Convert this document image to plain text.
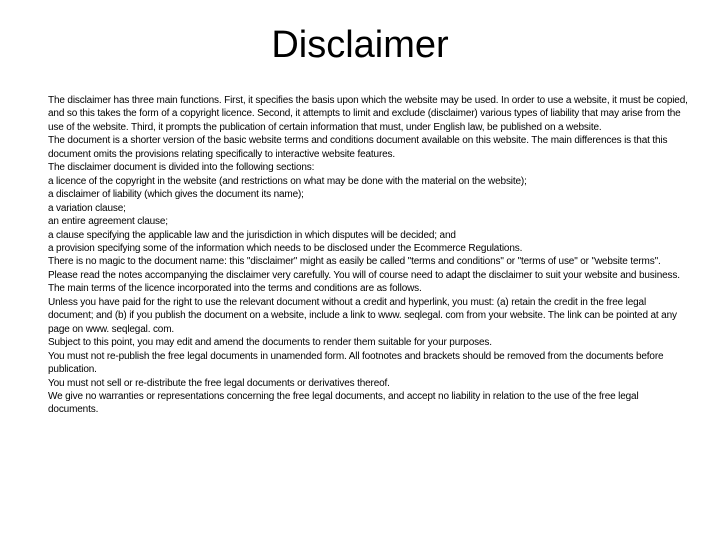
Disclaimer

The disclaimer has three main functions. First, it specifies the basis upon which the website may be used. In order to use a website, it must be copied, and so this takes the form of a copyright licence. Second, it attempts to limit and exclude (disclaimer) various types of liability that may arise from the use of the website. Third, it prompts the publication of certain information that must, under English law, be published on a website.

The document is a shorter version of the basic website terms and conditions document available on this website. The main differences is that this document omits the provisions relating specifically to interactive website features.

The disclaimer document is divided into the following sections:

a licence of the copyright in the website (and restrictions on what may be done with the material on the website);

a disclaimer of liability (which gives the document its name);

a variation clause;

an entire agreement clause;

a clause specifying the applicable law and the jurisdiction in which disputes will be decided; and

a provision specifying some of the information which needs to be disclosed under the Ecommerce Regulations.

There is no magic to the document name: this "disclaimer" might as easily be called "terms and conditions" or "terms of use" or "website terms".

Please read the notes accompanying the disclaimer very carefully. You will of course need to adapt the disclaimer to suit your website and business.

The main terms of the licence incorporated into the terms and conditions are as follows.

Unless you have paid for the right to use the relevant document without a credit and hyperlink, you must: (a) retain the credit in the free legal document; and (b) if you publish the document on a website, include a link to www. seqlegal. com from your website. The link can be pointed at any page on www. seqlegal. com.

Subject to this point, you may edit and amend the documents to render them suitable for your purposes.

You must not re-publish the free legal documents in unamended form. All footnotes and brackets should be removed from the documents before publication.

You must not sell or re-distribute the free legal documents or derivatives thereof.

We give no warranties or representations concerning the free legal documents, and accept no liability in relation to the use of the free legal documents.
